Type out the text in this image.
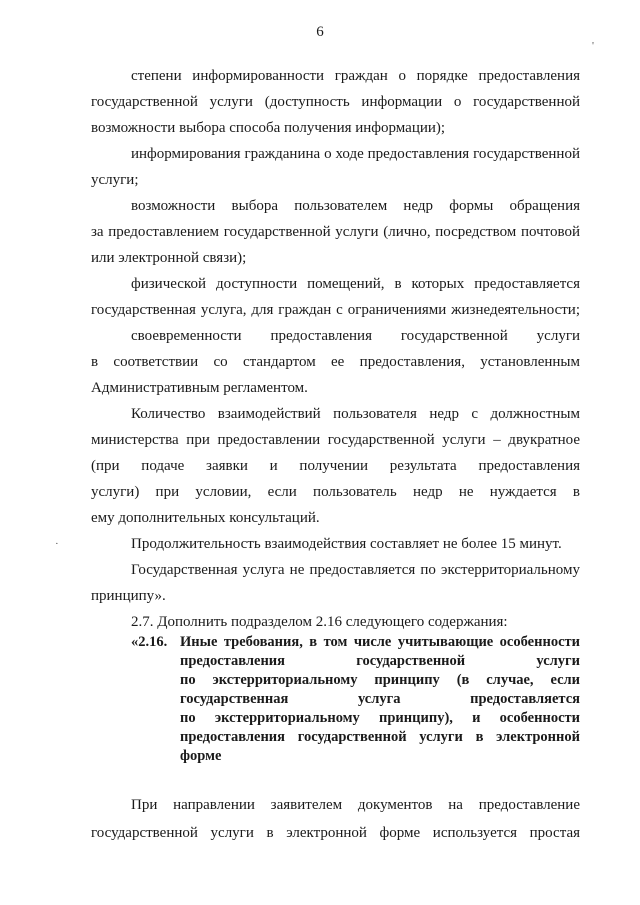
6
'
·
степени информированности граждан о порядке предоставления
государственной услуги (доступность информации о государственной
возможности выбора способа получения информации);
информирования гражданина о ходе предоставления государственной
услуги;
возможности выбора пользователем недр формы обращения
за предоставлением государственной услуги (лично, посредством почтовой
или электронной связи);
физической доступности помещений, в которых предоставляется
государственная услуга, для граждан с ограничениями жизнедеятельности;
своевременности предоставления государственной услуги
в соответствии со стандартом ее предоставления, установленным
Административным регламентом.
Количество взаимодействий пользователя недр с должностным
министерства при предоставлении государственной услуги – двукратное
(при подаче заявки и получении результата предоставления
услуги) при условии, если пользователь недр не нуждается в
ему дополнительных консультаций.
Продолжительность взаимодействия составляет не более 15 минут.
Государственная услуга не предоставляется по экстерриториальному
принципу».
2.7. Дополнить подразделом 2.16 следующего содержания:
«2.16. Иные требования, в том числе учитывающие особенности
предоставления государственной услуги
по экстерриториальному принципу (в случае, если
государственная услуга предоставляется
по экстерриториальному принципу), и особенности
предоставления государственной услуги в электронной
форме
При направлении заявителем документов на предоставление
государственной услуги в электронной форме используется простая
